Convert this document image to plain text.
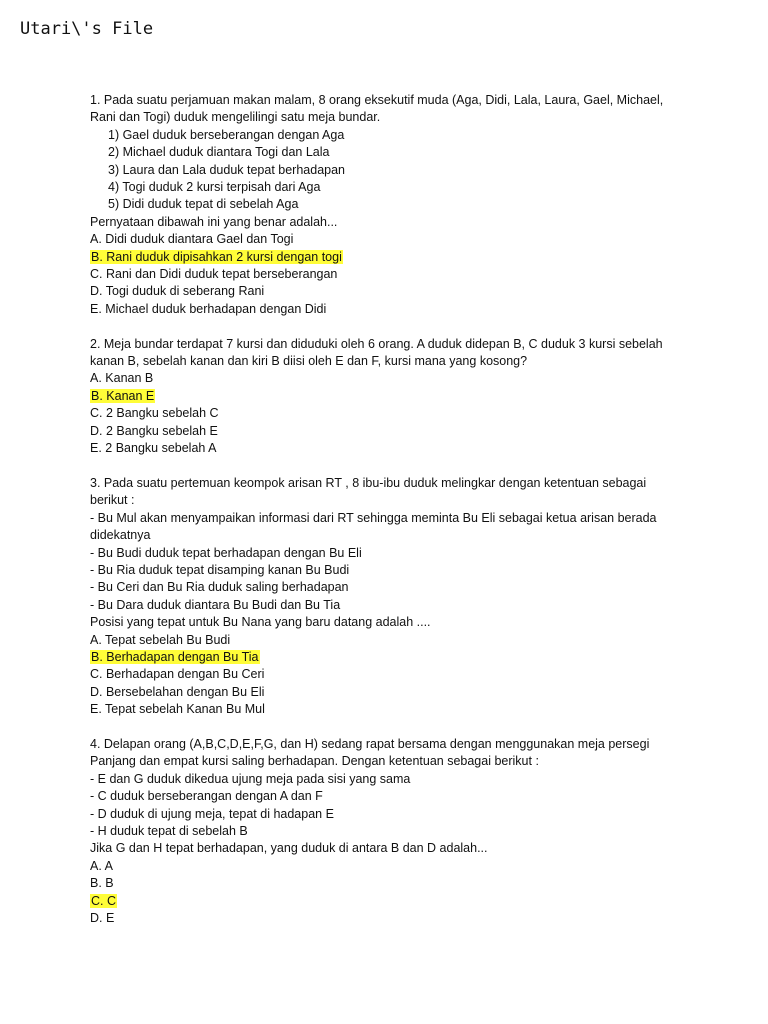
Utari\'s File
1. Pada suatu perjamuan makan malam, 8 orang eksekutif muda (Aga, Didi, Lala, Laura, Gael, Michael,
Rani dan Togi) duduk mengelilingi satu meja bundar.
1) Gael duduk berseberangan dengan Aga
2) Michael duduk diantara Togi dan Lala
3) Laura dan Lala duduk tepat berhadapan
4) Togi duduk 2 kursi terpisah dari Aga
5) Didi duduk tepat di sebelah Aga
Pernyataan dibawah ini yang benar adalah...
A. Didi duduk diantara Gael dan Togi
B. Rani duduk dipisahkan 2 kursi dengan togi
C. Rani dan Didi duduk tepat berseberangan
D. Togi duduk di seberang Rani
E. Michael duduk berhadapan dengan Didi
2. Meja bundar terdapat 7 kursi dan diduduki oleh 6 orang. A duduk didepan B, C duduk 3 kursi sebelah
kanan B, sebelah kanan dan kiri B diisi oleh E dan F, kursi mana yang kosong?
A. Kanan B
B. Kanan E
C. 2 Bangku sebelah C
D. 2 Bangku sebelah E
E. 2 Bangku sebelah A
3. Pada suatu pertemuan keompok arisan RT , 8 ibu-ibu duduk melingkar dengan ketentuan sebagai
berikut :
- Bu Mul akan menyampaikan informasi dari RT sehingga meminta Bu Eli sebagai ketua arisan berada
didekatnya
- Bu Budi duduk tepat berhadapan dengan Bu Eli
- Bu Ria duduk tepat disamping kanan Bu Budi
- Bu Ceri dan Bu Ria duduk saling berhadapan
- Bu Dara duduk diantara Bu Budi dan Bu Tia
Posisi yang tepat untuk Bu Nana yang baru datang adalah ....
A. Tepat sebelah Bu Budi
B. Berhadapan dengan Bu Tia
C. Berhadapan dengan Bu Ceri
D. Bersebelahan dengan Bu Eli
E. Tepat sebelah Kanan Bu Mul
4. Delapan orang (A,B,C,D,E,F,G, dan H) sedang rapat bersama dengan menggunakan meja persegi
Panjang dan empat kursi saling berhadapan. Dengan ketentuan sebagai berikut :
- E dan G duduk dikedua ujung meja pada sisi yang sama
- C duduk berseberangan dengan A dan F
- D duduk di ujung meja, tepat di hadapan E
- H duduk tepat di sebelah B
Jika G dan H tepat berhadapan, yang duduk di antara B dan D adalah...
A. A
B. B
C. C
D. E
